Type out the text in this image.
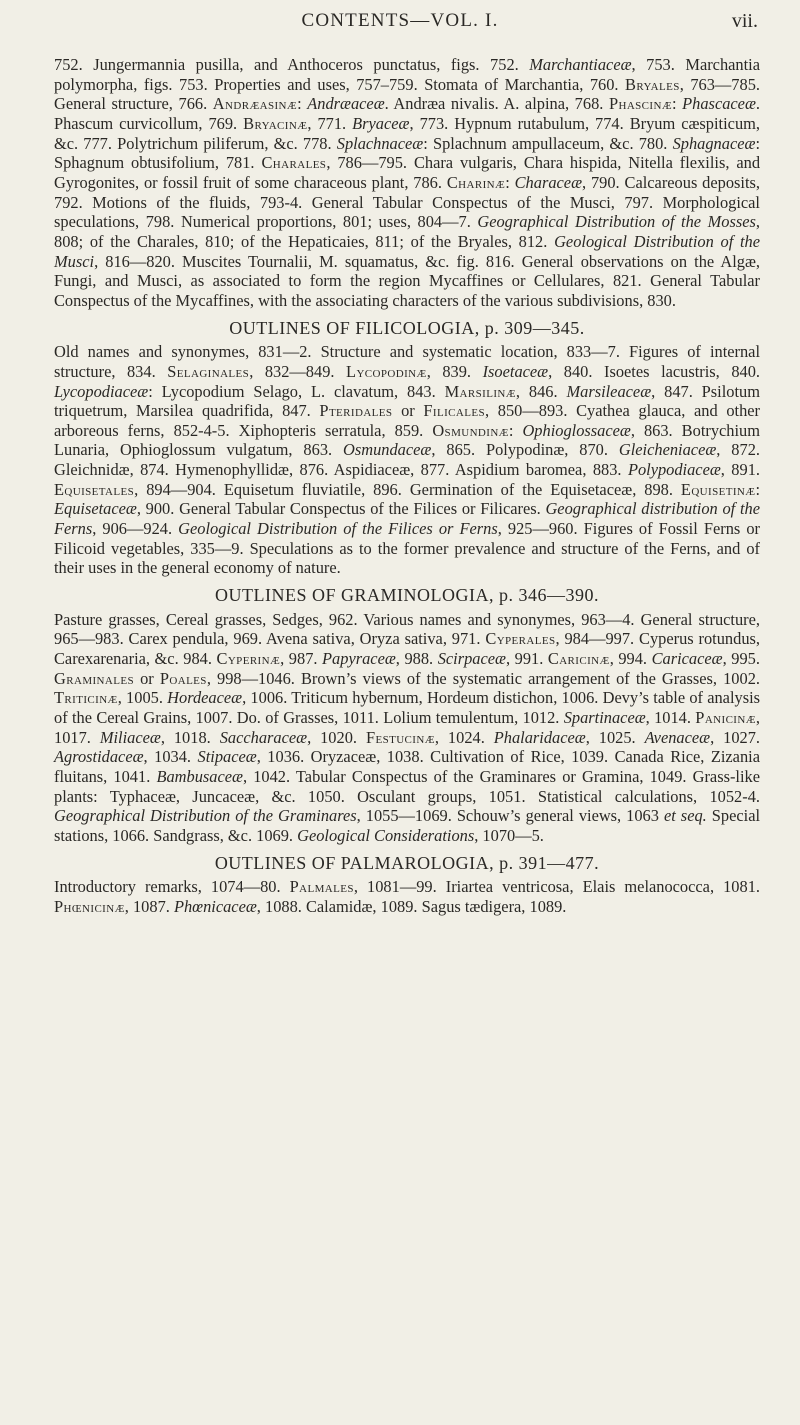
CONTENTS—VOL. I.	vii.

752. Jungermannia pusilla, and Anthoceros punctatus, figs. 752. Marchantiaceæ, 753. Marchantia polymorpha, figs. 753. Properties and uses, 757–759. Stomata of Marchantia, 760. Bryales, 763—785. General structure, 766. Andræasinæ: Andræaceæ. Andræa nivalis. A. alpina, 768. Phascinæ: Phascaceæ. Phascum curvicollum, 769. Bryacinæ, 771. Bryaceæ, 773. Hypnum rutabulum, 774. Bryum cæspiticum, &c. 777. Polytrichum piliferum, &c. 778. Splachnaceæ: Splachnum ampullaceum, &c. 780. Sphagnaceæ: Sphagnum obtusifolium, 781. Charales, 786—795. Chara vulgaris, Chara hispida, Nitella flexilis, and Gyrogonites, or fossil fruit of some characeous plant, 786. Charinæ: Characeæ, 790. Calcareous deposits, 792. Motions of the fluids, 793-4. General Tabular Conspectus of the Musci, 797. Morphological speculations, 798. Numerical proportions, 801; uses, 804—7. Geographical Distribution of the Mosses, 808; of the Charales, 810; of the Hepaticaies, 811; of the Bryales, 812. Geological Distribution of the Musci, 816—820. Muscites Tournalii, M. squamatus, &c. fig. 816. General observations on the Algæ, Fungi, and Musci, as associated to form the region Mycaffines or Cellulares, 821. General Tabular Conspectus of the Mycaffines, with the associating characters of the various subdivisions, 830.

OUTLINES OF FILICOLOGIA, p. 309—345.

Old names and synonymes, 831—2. Structure and systematic location, 833—7. Figures of internal structure, 834. Selaginales, 832—849. Lycopodinæ, 839. Isoetaceæ, 840. Isoetes lacustris, 840. Lycopodiaceæ: Lycopodium Selago, L. clavatum, 843. Marsilinæ, 846. Marsileaceæ, 847. Psilotum triquetrum, Marsilea quadrifida, 847. Pteridales or Filicales, 850—893. Cyathea glauca, and other arboreous ferns, 852-4-5. Xiphopteris serratula, 859. Osmundinæ: Ophioglossaceæ, 863. Botrychium Lunaria, Ophioglossum vulgatum, 863. Osmundaceæ, 865. Polypodinæ, 870. Gleicheniaceæ, 872. Gleichnidæ, 874. Hymenophyllidæ, 876. Aspidiaceæ, 877. Aspidium baromea, 883. Polypodiaceæ, 891. Equisetales, 894—904. Equisetum fluviatile, 896. Germination of the Equisetaceæ, 898. Equisetinæ: Equisetaceæ, 900. General Tabular Conspectus of the Filices or Filicares. Geographical distribution of the Ferns, 906—924. Geological Distribution of the Filices or Ferns, 925—960. Figures of Fossil Ferns or Filicoid vegetables, 335—9. Speculations as to the former prevalence and structure of the Ferns, and of their uses in the general economy of nature.

OUTLINES OF GRAMINOLOGIA, p. 346—390.

Pasture grasses, Cereal grasses, Sedges, 962. Various names and synonymes, 963—4. General structure, 965—983. Carex pendula, 969. Avena sativa, Oryza sativa, 971. Cyperales, 984—997. Cyperus rotundus, Carexarenaria, &c. 984. Cyperinæ, 987. Papyraceæ, 988. Scirpaceæ, 991. Caricinæ, 994. Caricaceæ, 995. Graminales or Poales, 998—1046. Brown’s views of the systematic arrangement of the Grasses, 1002. Triticinæ, 1005. Hordeaceæ, 1006. Triticum hybernum, Hordeum distichon, 1006. Devy’s table of analysis of the Cereal Grains, 1007. Do. of Grasses, 1011. Lolium temulentum, 1012. Spartinaceæ, 1014. Panicinæ, 1017. Miliaceæ, 1018. Saccharaceæ, 1020. Festucinæ, 1024. Phalaridaceæ, 1025. Avenaceæ, 1027. Agrostidaceæ, 1034. Stipaceæ, 1036. Oryzaceæ, 1038. Cultivation of Rice, 1039. Canada Rice, Zizania fluitans, 1041. Bambusaceæ, 1042. Tabular Conspectus of the Graminares or Gramina, 1049. Grass-like plants: Typhaceæ, Juncaceæ, &c. 1050. Osculant groups, 1051. Statistical calculations, 1052-4. Geographical Distribution of the Graminares, 1055—1069. Schouw’s general views, 1063 et seq. Special stations, 1066. Sandgrass, &c. 1069. Geological Considerations, 1070—5.

OUTLINES OF PALMAROLOGIA, p. 391—477.

Introductory remarks, 1074—80. Palmales, 1081—99. Iriartea ventricosa, Elais melanococca, 1081. Phœnicinæ, 1087. Phœnicaceæ, 1088. Calamidæ, 1089. Sagus tædigera, 1089.
